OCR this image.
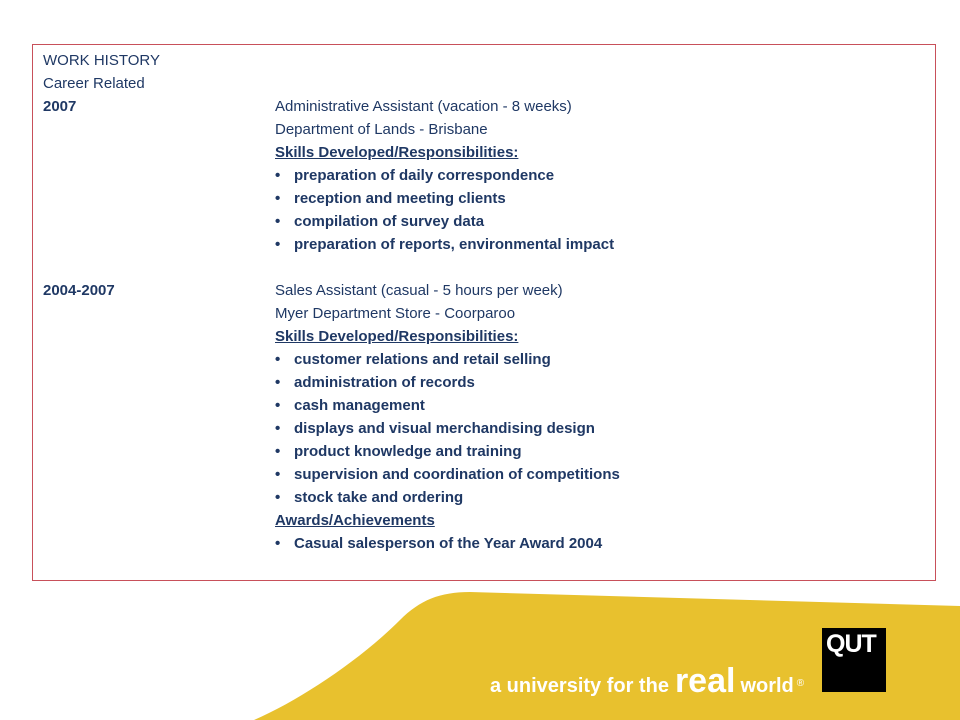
WORK HISTORY
Career Related
2007	Administrative Assistant (vacation - 8 weeks)
Department of Lands - Brisbane
Skills Developed/Responsibilities:
• preparation of daily correspondence
• reception and meeting clients
• compilation of survey data
• preparation of reports, environmental impact
2004-2007	Sales Assistant (casual - 5 hours per week)
Myer Department Store - Coorparoo
Skills Developed/Responsibilities:
• customer relations and retail selling
• administration of records
• cash management
• displays and visual merchandising design
• product knowledge and training
• supervision and coordination of competitions
• stock take and ordering
Awards/Achievements
• Casual salesperson of the Year Award 2004
a university for the real world ®
QUT
